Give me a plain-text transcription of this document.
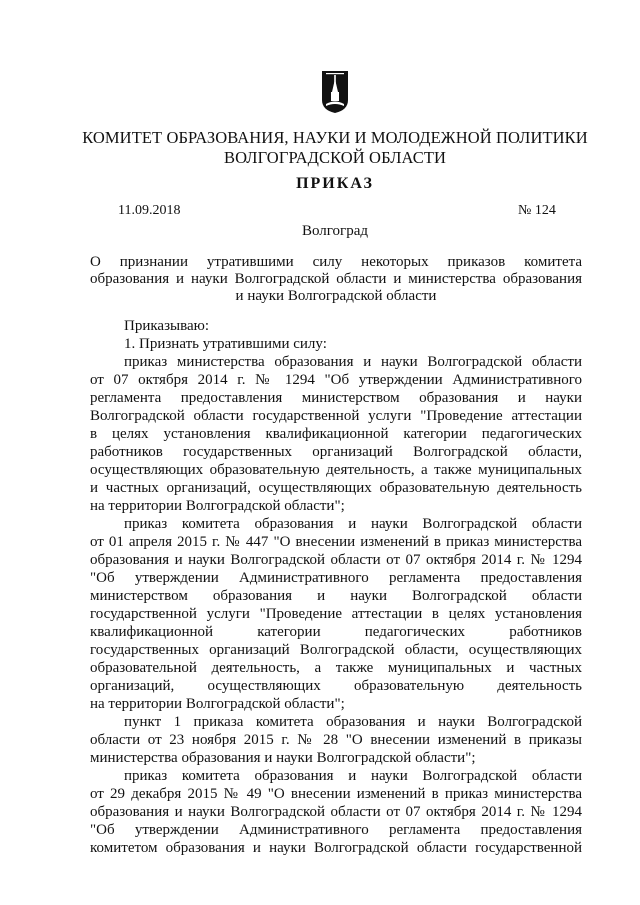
КОМИТЕТ ОБРАЗОВАНИЯ, НАУКИ И МОЛОДЕЖНОЙ ПОЛИТИКИ
ВОЛГОГРАДСКОЙ ОБЛАСТИ
ПРИКАЗ
11.09.2018	№ 124
Волгоград
О признании утратившими силу некоторых приказов комитета
образования и науки Волгоградской области и министерства образования
и науки Волгоградской области
Приказываю:
1. Признать утратившими силу:
приказ министерства образования и науки Волгоградской области
от 07 октября 2014 г. № 1294 "Об утверждении Административного
регламента предоставления министерством образования и науки
Волгоградской области государственной услуги "Проведение аттестации
в целях установления квалификационной категории педагогических
работников государственных организаций Волгоградской области,
осуществляющих образовательную деятельность, а также муниципальных
и частных организаций, осуществляющих образовательную деятельность
на территории Волгоградской области";
приказ комитета образования и науки Волгоградской области
от 01 апреля 2015 г. № 447 "О внесении изменений в приказ министерства
образования и науки Волгоградской области от 07 октября 2014 г. № 1294
"Об утверждении Административного регламента предоставления
министерством образования и науки Волгоградской области
государственной услуги "Проведение аттестации в целях установления
квалификационной категории педагогических работников
государственных организаций Волгоградской области, осуществляющих
образовательной деятельность, а также муниципальных и частных
организаций, осуществляющих образовательную деятельность
на территории Волгоградской области";
пункт 1 приказа комитета образования и науки Волгоградской
области от 23 ноября 2015 г. № 28 "О внесении изменений в приказы
министерства образования и науки Волгоградской области";
приказ комитета образования и науки Волгоградской области
от 29 декабря 2015 № 49 "О внесении изменений в приказ министерства
образования и науки Волгоградской области от 07 октября 2014 г. № 1294
"Об утверждении Административного регламента предоставления
комитетом образования и науки Волгоградской области государственной
